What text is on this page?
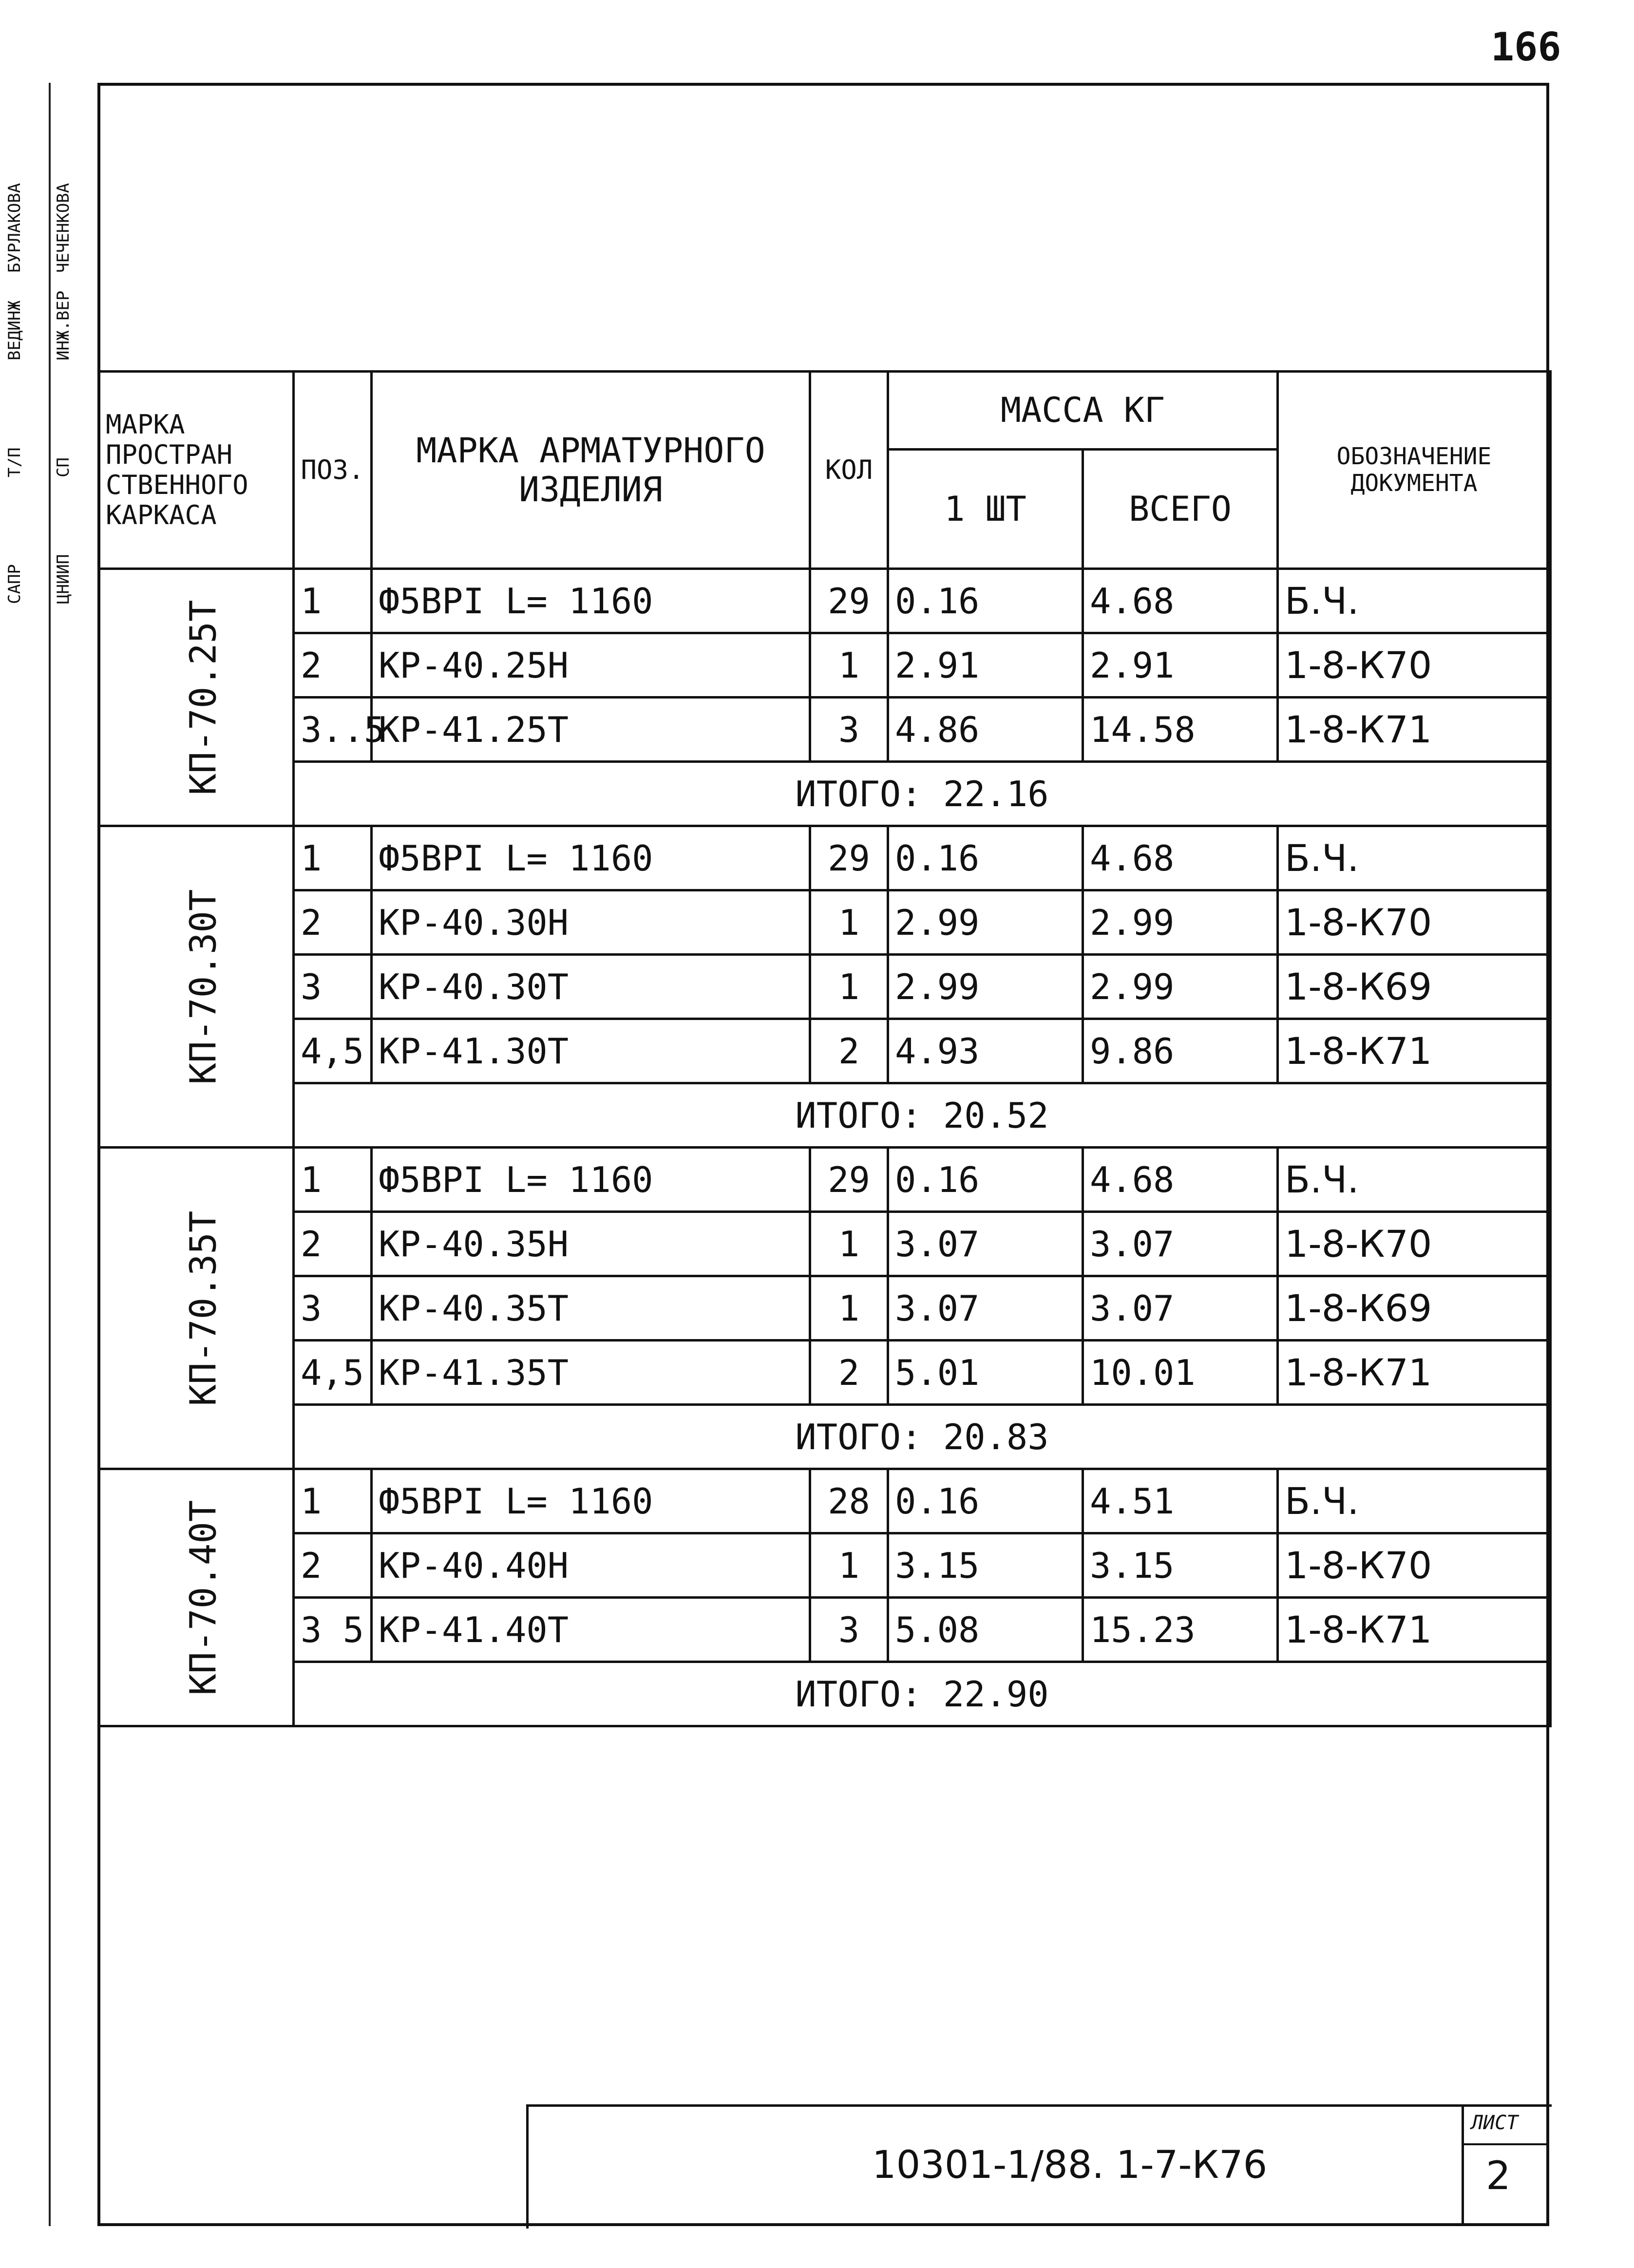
166
САПР ЦНИИП
Т/П СП
ВЕДИНЖ ИНЖ.ВЕР
БУРЛАКОВА ЧЕЧЕНКОВА
МАРКА ПРОСТРАН СТВЕННОГО КАРКАСА	ПОЗ.	МАРКА АРМАТУРНОГО ИЗДЕЛИЯ	КОЛ	МАССА КГ		ОБОЗНАЧЕНИЕ ДОКУМЕНТА
				1 ШТ	ВСЕГО	
КП-70.25Т	1	Ф5ВРI L= 1160	29	0.16	4.68	Б.Ч.
	2	КР-40.25Н	1	2.91	2.91	1-8-К70
	3..5	КР-41.25Т	3	4.86	14.58	1-8-К71
	ИТОГО: 22.16					
КП-70.30Т	1	Ф5ВРI L= 1160	29	0.16	4.68	Б.Ч.
	2	КР-40.30Н	1	2.99	2.99	1-8-К70
	3	КР-40.30Т	1	2.99	2.99	1-8-К69
	4,5	КР-41.30Т	2	4.93	9.86	1-8-К71
	ИТОГО: 20.52					
КП-70.35Т	1	Ф5ВРI L= 1160	29	0.16	4.68	Б.Ч.
	2	КР-40.35Н	1	3.07	3.07	1-8-К70
	3	КР-40.35Т	1	3.07	3.07	1-8-К69
	4,5	КР-41.35Т	2	5.01	10.01	1-8-К71
	ИТОГО: 20.83					
КП-70.40Т	1	Ф5ВРI L= 1160	28	0.16	4.51	Б.Ч.
	2	КР-40.40Н	1	3.15	3.15	1-8-К70
	3 5	КР-41.40Т	3	5.08	15.23	1-8-К71
	ИТОГО: 22.90					
10301-1/88. 1-7-К76
ЛИСТ
2
